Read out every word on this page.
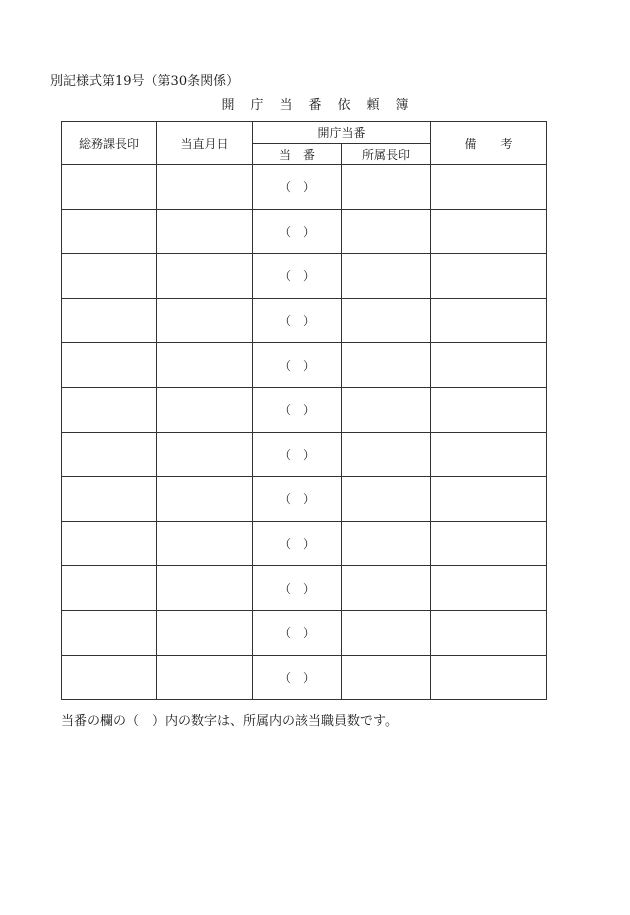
別記様式第19号（第30条関係）
開 庁 当 番 依 頼 簿
総務課長印	当直月日	開庁当番		備　　考
		当　番	所属長印	
		（　）		
		（　）		
		（　）		
		（　）		
		（　）		
		（　）		
		（　）		
		（　）		
		（　）		
		（　）		
		（　）		
		（　）		
当番の欄の（　）内の数字は、所属内の該当職員数です。
